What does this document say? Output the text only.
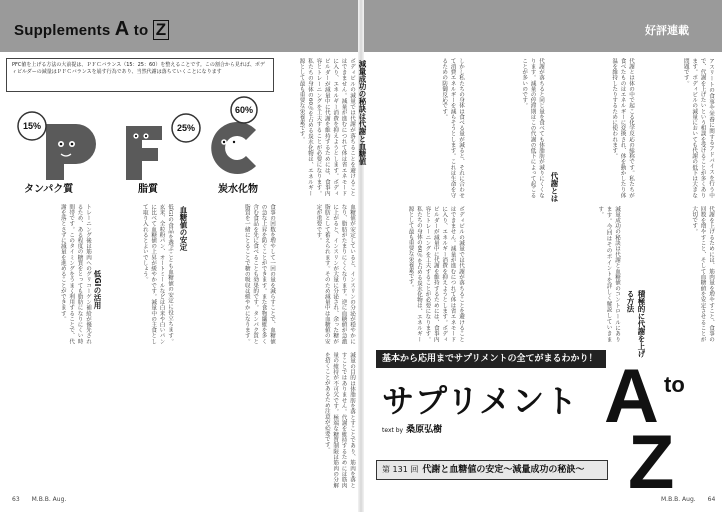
Supplements A to Z	好評連載
PFC値を上げる方法の大前提は、ＰＦＣバランス（15：25：60）を整えることです。この割合から見れば、ボディビルダーの減量はＰＦＣバランスを崩す行為であり、当然代謝は落ちていくことになります
15%	25%
60%
タンパク質	脂質	炭水化物	ボディビルの減量では代謝が落ちることを避けることはできません。減量が進むにつれて体は省エネモードに入り、エネルギー消費を抑えようとします。ボディビルダーが減量中に代謝を維持するためには、食事内容とトレーニングを工夫することが必要になります。私たちの身体の60％を占める炭水化物は、エネルギー源として最も重要な栄養素です。
血糖値が安定していると、インスリンの分泌が穏やかになり、脂肪がたまりにくくなります。逆に血糖値が急激に上がると、インスリンが大量に分泌され、余った糖が脂肪として蓄えられます。そのため減量中は血糖値の安定が重要です。
食事の回数を増やして一回の量を減らすことで、血糖値の急な上昇を防ぐことができます。また食物繊維を多く含む食品を先に食べることも効果的です。タンパク質と脂質を一緒にとることで糖の吸収は緩やかになります。
血糖値の安定
低GIの食品を選ぶことも血糖値の安定に役立ちます。玄米、全粒粉パン、オートミールなどは白米や白いパンに比べて血糖値の上昇が緩やかです。減量中の主食として取り入れるとよいでしょう。
トレーニング後は筋肉へのグリコーゲン補給が優先されるため、ある程度の糖質をとっても脂肪になりにくい時間帯です。このタイミングをうまく利用することで、代謝を落とさずに減量を進めることができます。	低GIの活用
減量の目的は体脂肪を落とすことであり、筋肉を落とすことではありません。代謝を維持するためには筋肉量の維持が不可欠です。極端な糖質制限は筋肉の分解を招くことがあるため注意が必要です。
63　　M.B.B. Aug.
アスリートの食事や栄養に関するアドバイスを行う中で、代謝を上げたいという相談を受けることが多くあります。ボディビルの減量においても代謝の低下は大きな問題です。
代謝とは体の中で起こる化学反応の総称です。私たちが食べたものはエネルギーに変換され、体を動かしたり体温を維持したりするために使われます。
代謝とは
代謝が落ちると同じ量を食べても体脂肪が減りにくくなります。減量の停滞期はこの代謝の低下によって起こることが多いのです。
しかし私たちの身体は食べる量が減ると、それに合わせて消費エネルギーを減らそうとします。これは生命を守るための防御反応です。
減量成功の秘訣は代謝と血糖値
代謝を上げるためには、筋肉量を増やすこと、食事の回数を増やすこと、そして血糖値を安定させることが大切です。
積極的に代謝を上げる方法
減量成功の秘訣は代謝と血糖値のコントロールにあります。今回はそのポイントを詳しく解説していきます。
ボディビルの減量では代謝が落ちることを避けることはできません。減量が進むにつれて体は省エネモードに入り、エネルギー消費を抑えようとします。ボディビルダーが減量中に代謝を維持するためには、食事内容とトレーニングを工夫することが必要になります。私たちの身体の60％を占める炭水化物は、エネルギー源として最も重要な栄養素です。
M.B.B. Aug.　　64
基本から応用までサプリメントの全てがまるわかり！
サプリメント
text by 桑原弘樹
第 131 回 代謝と血糖値の安定〜減量成功の秘訣〜
A to
Z
